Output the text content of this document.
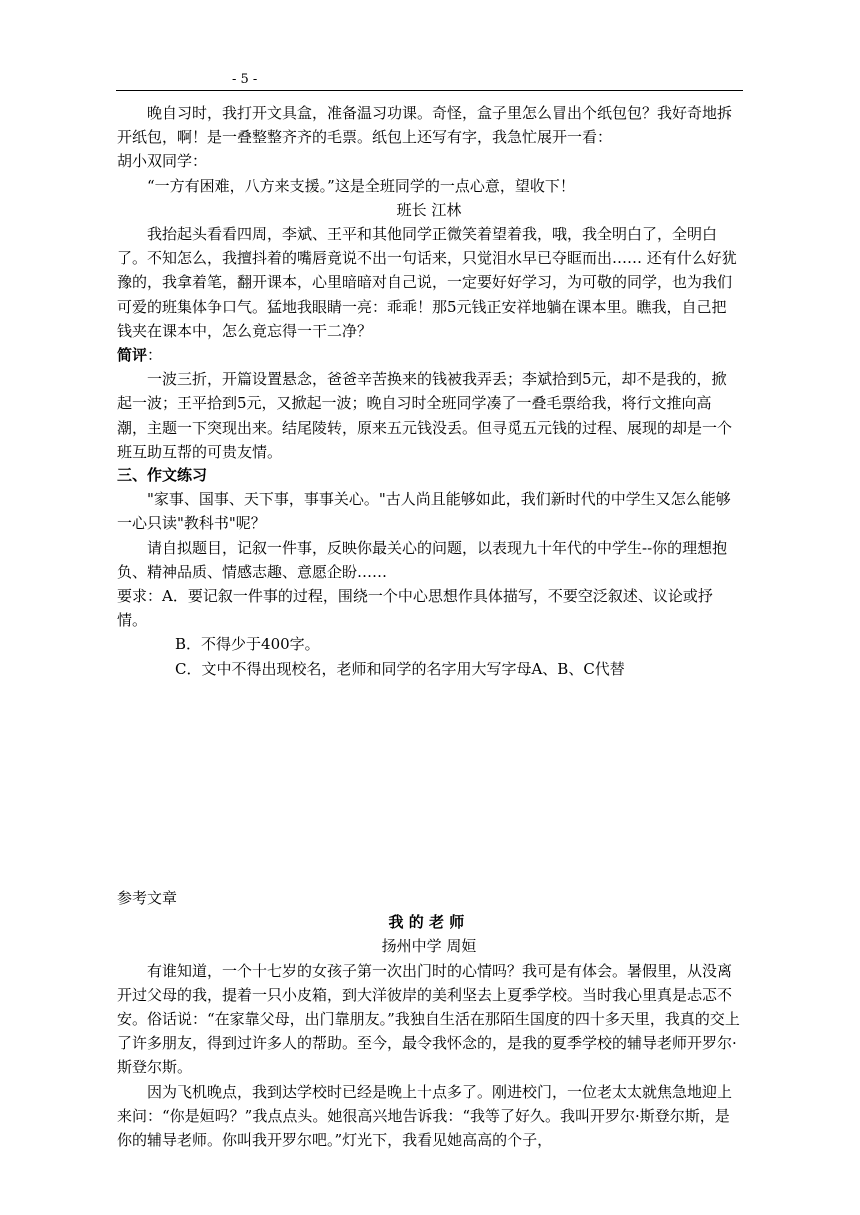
- 5 -

晚自习时，我打开文具盒，准备温习功课。奇怪，盒子里怎么冒出个纸包包？我好奇地拆开纸包，啊！是一叠整整齐齐的毛票。纸包上还写有字，我急忙展开一看：

胡小双同学：

“一方有困难，八方来支援。”这是全班同学的一点心意，望收下！

班长 江林

我抬起头看看四周，李斌、王平和其他同学正微笑着望着我，哦，我全明白了，全明白了。不知怎么，我擅抖着的嘴唇竟说不出一句话来，只觉泪水早已夺眶而出…… 还有什么好犹豫的，我拿着笔，翻开课本，心里暗暗对自己说，一定要好好学习，为可敬的同学，也为我们可爱的班集体争口气。猛地我眼睛一亮：乖乖！那5元钱正安祥地躺在课本里。瞧我，自己把钱夹在课本中，怎么竟忘得一干二净？

简评：

一波三折，开篇设置悬念，爸爸辛苦换来的钱被我弄丢；李斌拾到5元，却不是我的，掀起一波；王平拾到5元，又掀起一波；晚自习时全班同学凑了一叠毛票给我，将行文推向高潮，主题一下突现出来。结尾陵转，原来五元钱没丢。但寻觅五元钱的过程、展现的却是一个班互助互帮的可贵友情。

三、作文练习

"家事、国事、天下事，事事关心。"古人尚且能够如此，我们新时代的中学生又怎么能够一心只读"教科书"呢？

请自拟题目，记叙一件事，反映你最关心的问题，以表现九十年代的中学生--你的理想抱负、精神品质、情感志趣、意愿企盼……

要求：A．要记叙一件事的过程，围绕一个中心思想作具体描写，不要空泛叙述、议论或抒情。

B．不得少于400字。

C．文中不得出现校名，老师和同学的名字用大写字母A、B、C代替

参考文章

我的老师

扬州中学 周姮

有谁知道，一个十七岁的女孩子第一次出门时的心情吗？我可是有体会。暑假里，从没离开过父母的我，提着一只小皮箱，到大洋彼岸的美利坚去上夏季学校。当时我心里真是忐忑不安。俗话说：“在家靠父母，出门靠朋友。”我独自生活在那陌生国度的四十多天里，我真的交上了许多朋友，得到过许多人的帮助。至今，最令我怀念的，是我的夏季学校的辅导老师开罗尔·斯登尔斯。

因为飞机晚点，我到达学校时已经是晚上十点多了。刚进校门，一位老太太就焦急地迎上来问：“你是姮吗？”我点点头。她很高兴地告诉我：“我等了好久。我叫开罗尔·斯登尔斯，是你的辅导老师。你叫我开罗尔吧。”灯光下，我看见她高高的个子，
